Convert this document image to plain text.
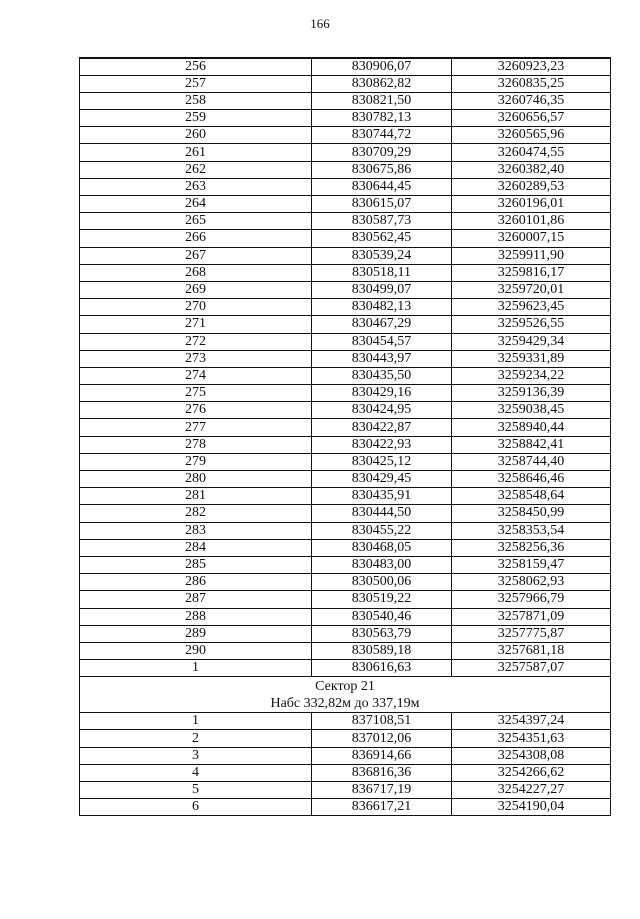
166
256	830906,07	3260923,23
257	830862,82	3260835,25
258	830821,50	3260746,35
259	830782,13	3260656,57
260	830744,72	3260565,96
261	830709,29	3260474,55
262	830675,86	3260382,40
263	830644,45	3260289,53
264	830615,07	3260196,01
265	830587,73	3260101,86
266	830562,45	3260007,15
267	830539,24	3259911,90
268	830518,11	3259816,17
269	830499,07	3259720,01
270	830482,13	3259623,45
271	830467,29	3259526,55
272	830454,57	3259429,34
273	830443,97	3259331,89
274	830435,50	3259234,22
275	830429,16	3259136,39
276	830424,95	3259038,45
277	830422,87	3258940,44
278	830422,93	3258842,41
279	830425,12	3258744,40
280	830429,45	3258646,46
281	830435,91	3258548,64
282	830444,50	3258450,99
283	830455,22	3258353,54
284	830468,05	3258256,36
285	830483,00	3258159,47
286	830500,06	3258062,93
287	830519,22	3257966,79
288	830540,46	3257871,09
289	830563,79	3257775,87
290	830589,18	3257681,18
1	830616,63	3257587,07

Сектор 21
Набс 332,82м до 337,19м		

1	837108,51	3254397,24
2	837012,06	3254351,63
3	836914,66	3254308,08
4	836816,36	3254266,62
5	836717,19	3254227,27
6	836617,21	3254190,04
